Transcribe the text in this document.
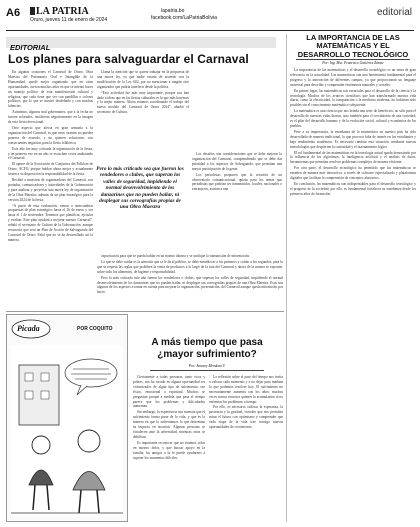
A6	LA PATRIA
Oruro, jueves 11 de enero de 2024
lapatria.bo
facebook.com/LaPatriaBolivia	editorial
EDITORIAL
Los planes para salvaguardar el Carnaval

En algunas ocasiones el Carnaval de Oruro, Obra Maestra del Patrimonio Oral e Intangible de la Humanidad, quedó mejor organizado que en otras oportunidades, fueron muchos años en que se intentó hacer un manejo político de esta manifestación cultural y religiosa, que cada tiene que ver con pandillas o colores políticos, por lo que se mostró desdeñado y con muchas falencias.

Asimismo, algunos mal gobernantes, que a la fecha no fueron aclarados, incidieron negativamente en la imagen de esta fiesta devocional.

Otro aspecto que afecta en gran armonía a la organización del Carnaval, es que unos cuantos no pueden ponerse de acuerdo, y no quieren soluciones, con consecuentes negativas para la fiesta folklórica.

Este año fue muy criticada la organización de la fiesta, y en primera vez en un año se escuchan voces analizando el Carnaval.

El aporte de la Asociación de Conjuntos del Folklore de Oruro, ACFO, porque hablan ahora mejor y actualmente tienen a su disposición la responsabilidad de la fiesta.

Recibió a muestras de organizadores del Carnaval, con portadas, comunicadores y autoridades de la Gobernación y para analizar y proyectar una nueva ley de organización de la Obra Maestra; además de un plan estratégico para la versión 2024 de la fiesta.

“A partir de esta evaluación, vamos a intercambiar propuestas de plan estratégico hasta el 16 de enero y ver hasta el 1 de noviembre. Tenemos que planificar, ejecutar y evaluar. Este plan ayudará a mejorar nuestro Carnaval”, señaló el secretario de Cultura de la Gobernación, aunque reconoció que será un Plan de Acción de Salvaguarda del Carnaval de Oruro. Faltó que no se ha desarrollado así la manera.

Llama la atención que se quiera trabajar en la propuesta de una nueva ley, ya que nadie estaría de acuerdo con la modificación de la Ley 602, por no mencionar a ningún otro organizador que podría interferir desde la política.

“Esta actividad fue más muy importante, porque nos han dado a ideas que en las fiestas culturales es lo que más hacemos y la mejor manera. Ahora estamos coordinando el trabajo del nuevo modelo del Carnaval de Oruro 2024”, añadió el secretario de Cultura.

Pero lo más criticado sea que fueron los vendedores o clubes, que superan los valles de seguridad, impidiendo el normal desenvolvimiento de los danzarines que no pueden bailar, ni desplegar sus coreografías propias de una Obra Maestra

capacitación para que se pueda hablar en un mismo idioma y se unifique la transmisión de información.

Lo que se debe cuidar es la atención que se le da al público, se debe ennoblecer a los primeros y cuidar a los segundos, para lo que se respeta las reglas que prohíben la venta de productos a lo largo de la ruta del Carnaval y ahora de la misma se exponen, sobre todo los alimentos, de higiene y responsabilidad.

Pero lo más criticado este año fueron los vendedores o clubes, que superan los valles de seguridad, impidiendo el normal desenvolvimiento de los danzarines que no pueden bailar, ni desplegar sus coreografías propias de una Obra Maestra. Esos son algunos de los aspectos a tomar en cuenta para mejorar la organización, presentación, del Carnaval aunque queda aún mucho por hacer.

Los desafíos son consideraciones que se debe mejorar la organización del Carnaval, comprendiendo que se debe dar prioridad a los aspectos de Salvaguarda, que permitan una mayor participación de la gente.

Los periodistas proponen que la creación de un observatorio comunicacional, quizás para los temas que periodistas que podrían ser transmitidos, locales, nacionales o extranjeros, asistan a una

LA IMPORTANCIA DE LAS MATEMÁTICAS Y EL DESARROLLO TECNOLÓGICO
Por: Ing. Msc. Francisco Gutiérrez Zárate

La importancia de las matemáticas y el desarrollo tecnológico es un tema de gran relevancia en la actualidad. Las matemáticas son una herramienta fundamental para el progreso y la innovación de diferentes campos, ya que proporcionan un lenguaje universal para describir y comprender fenómenos naturales y sociales.

En primer lugar, las matemáticas son esenciales para el desarrollo de la ciencia y la tecnología. Muchos de los avances científicos que han transformado nuestra vida diaria, como la electricidad, la computación o la medicina moderna, no hubieran sido posibles sin el conocimiento matemático subyacente.

La matemática es una ciencia que nos brinda una serie de beneficios, no sólo para el desarrollo de nuestras vidas diarias, sino también para el crecimiento de una sociedad; es el pilar del desarrollo humano y de la evolución social, cultural y económica de los pueblos.

Pese a su importancia, la enseñanza de la matemática en nuestro país ha sido desarrollada de manera tradicional, lo que provoca falta de interés en los estudiantes y bajo rendimiento académico. Es necesario cambiar esta situación, mediante nuevas metodologías que despierten la curiosidad y el razonamiento lógico.

El rol fundamental de las matemáticas en la tecnología actual queda demostrado por la influencia de los algoritmos, la inteligencia artificial y el análisis de datos, herramientas que permiten resolver problemas complejos de manera eficiente.

Por otra parte, el desarrollo tecnológico ha permitido que las matemáticas se enseñen de manera más interactiva, a través de software especializado y plataformas digitales que facilitan la comprensión de conceptos abstractos.

En conclusión, las matemáticas son indispensables para el desarrollo tecnológico y el progreso de la sociedad; por ello, es fundamental fortalecer su enseñanza desde los primeros años de formación.

Picada	POR COQUITO
A más tiempo que pasa ¿mayor sufrimiento?
Por: Amaury Mendoza V.

Ciertamente a todas personas, tanto ricos y pobres, nos ha tocado en alguna oportunidad ser victimizados de algún tipo de sufrimiento, sea físico, emocional o espiritual. Muchos se preguntan porqué a medida que pasa el tiempo parece que los problemas y dificultades aumentan.

Sin embargo, la experiencia nos muestra que el sufrimiento forma parte de la vida, y que es la manera en que lo enfrentamos lo que determina su impacto en nosotros. Algunas personas se fortalecen ante la adversidad, mientras otras se debilitan.

Es importante reconocer que no estamos solos en nuestro dolor, y que buscar apoyo en la familia, los amigos o la fe puede ayudarnos a superar los momentos difíciles.

La reflexión sobre el paso del tiempo nos invita a valorar cada momento y a no dejar para mañana lo que podemos resolver hoy. El sufrimiento no necesariamente aumenta con los años; muchas veces somos nosotros quienes lo acumulamos al no enfrentar los problemas a tiempo.

Por ello, es necesario cultivar la esperanza, la paciencia y la gratitud, virtudes que nos permiten mirar el futuro con optimismo y comprender que cada etapa de la vida trae consigo nuevas oportunidades de crecimiento.
